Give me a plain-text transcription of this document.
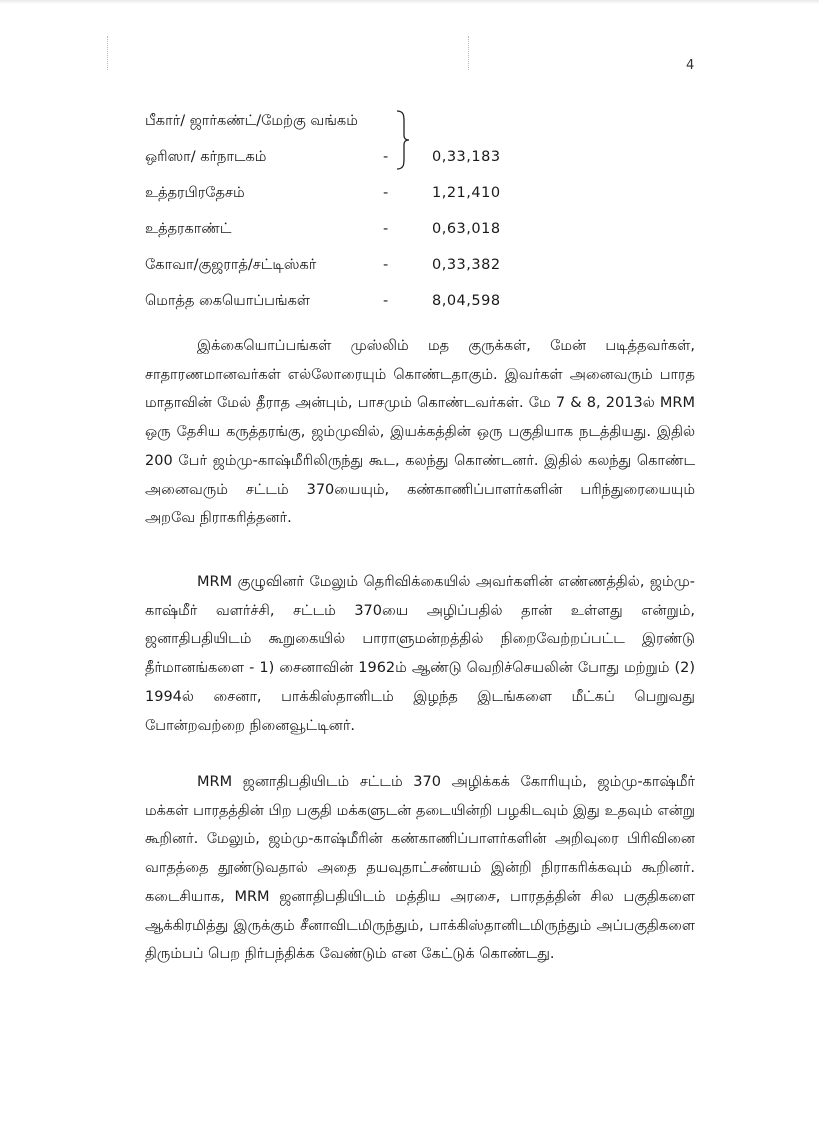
4
பீகார்/ ஜார்கண்ட்/மேற்கு வங்கம்
ஒரிஸா/ கர்நாடகம்	-	0,33,183
உத்தரபிரதேசம்	-	1,21,410
உத்தரகாண்ட்	-	0,63,018
கோவா/குஜராத்/சட்டிஸ்கர்	-	0,33,382
மொத்த கையொப்பங்கள்	-	8,04,598

இக்கையொப்பங்கள் முஸ்லிம் மத குருக்கள், மேன் படித்தவர்கள், சாதாரணமானவர்கள் எல்லோரையும் கொண்டதாகும். இவர்கள் அனைவரும் பாரத மாதாவின் மேல் தீராத அன்பும், பாசமும் கொண்டவர்கள். மே 7 & 8, 2013ல் MRM ஒரு தேசிய கருத்தரங்கு, ஜம்முவில், இயக்கத்தின் ஒரு பகுதியாக நடத்தியது. இதில் 200 பேர் ஜம்மு-காஷ்மீரிலிருந்து கூட, கலந்து கொண்டனர். இதில் கலந்து கொண்ட அனைவரும் சட்டம் 370யையும், கண்காணிப்பாளர்களின் பரிந்துரையையும் அறவே நிராகரித்தனர்.

MRM குழுவினர் மேலும் தெரிவிக்கையில் அவர்களின் எண்ணத்தில், ஜம்மு-காஷ்மீர் வளர்ச்சி, சட்டம் 370யை அழிப்பதில் தான் உள்ளது என்றும், ஜனாதிபதியிடம் கூறுகையில் பாராளுமன்றத்தில் நிறைவேற்றப்பட்ட இரண்டு தீர்மானங்களை - 1) சைனாவின் 1962ம் ஆண்டு வெறிச்செயலின் போது மற்றும் (2) 1994ல் சைனா, பாக்கிஸ்தானிடம் இழந்த இடங்களை மீட்கப் பெறுவது போன்றவற்றை நினைவூட்டினர்.

MRM ஜனாதிபதியிடம் சட்டம் 370 அழிக்கக் கோரியும், ஜம்மு-காஷ்மீர் மக்கள் பாரதத்தின் பிற பகுதி மக்களுடன் தடையின்றி பழகிடவும் இது உதவும் என்று கூறினர். மேலும், ஜம்மு-காஷ்மீரின் கண்காணிப்பாளர்களின் அறிவுரை பிரிவினை வாதத்தை தூண்டுவதால் அதை தயவுதாட்சண்யம் இன்றி நிராகரிக்கவும் கூறினர். கடைசியாக, MRM ஜனாதிபதியிடம் மத்திய அரசை, பாரதத்தின் சில பகுதிகளை ஆக்கிரமித்து இருக்கும் சீனாவிடமிருந்தும், பாக்கிஸ்தானிடமிருந்தும் அப்பகுதிகளை திரும்பப் பெற நிர்பந்திக்க வேண்டும் என கேட்டுக் கொண்டது.
